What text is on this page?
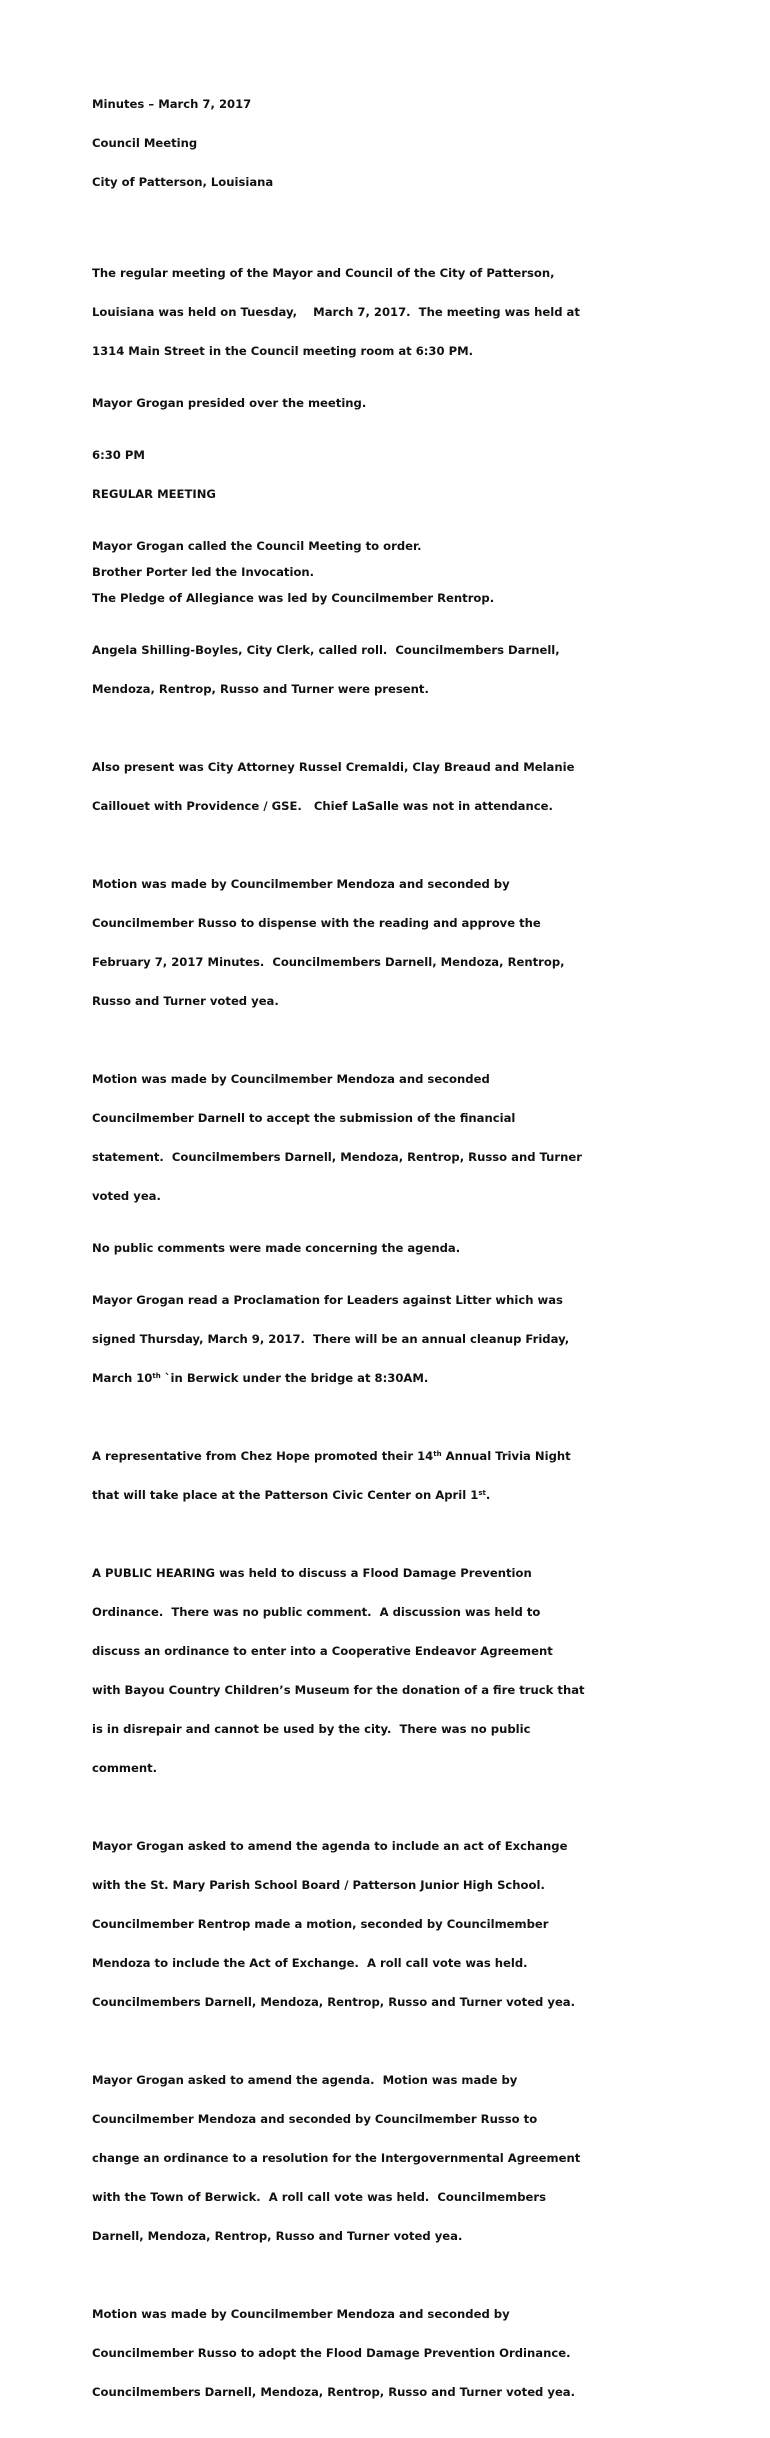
Minutes – March 7, 2017

Council Meeting

City of Patterson, Louisiana

The regular meeting of the Mayor and Council of the City of Patterson,

Louisiana was held on Tuesday,    March 7, 2017.  The meeting was held at

1314 Main Street in the Council meeting room at 6:30 PM.

Mayor Grogan presided over the meeting.

6:30 PM

REGULAR MEETING

Mayor Grogan called the Council Meeting to order.

Brother Porter led the Invocation.

The Pledge of Allegiance was led by Councilmember Rentrop.

Angela Shilling-Boyles, City Clerk, called roll.  Councilmembers Darnell,

Mendoza, Rentrop, Russo and Turner were present.

Also present was City Attorney Russel Cremaldi, Clay Breaud and Melanie

Caillouet with Providence / GSE.   Chief LaSalle was not in attendance.

Motion was made by Councilmember Mendoza and seconded by

Councilmember Russo to dispense with the reading and approve the

February 7, 2017 Minutes.  Councilmembers Darnell, Mendoza, Rentrop,

Russo and Turner voted yea.

Motion was made by Councilmember Mendoza and seconded

Councilmember Darnell to accept the submission of the financial

statement.  Councilmembers Darnell, Mendoza, Rentrop, Russo and Turner

voted yea.

No public comments were made concerning the agenda.

Mayor Grogan read a Proclamation for Leaders against Litter which was

signed Thursday, March 9, 2017.  There will be an annual cleanup Friday,

March 10th `in Berwick under the bridge at 8:30AM.

A representative from Chez Hope promoted their 14th Annual Trivia Night

that will take place at the Patterson Civic Center on April 1st.

A PUBLIC HEARING was held to discuss a Flood Damage Prevention

Ordinance.  There was no public comment.  A discussion was held to

discuss an ordinance to enter into a Cooperative Endeavor Agreement

with Bayou Country Children’s Museum for the donation of a fire truck that

is in disrepair and cannot be used by the city.  There was no public

comment.

Mayor Grogan asked to amend the agenda to include an act of Exchange

with the St. Mary Parish School Board / Patterson Junior High School.

Councilmember Rentrop made a motion, seconded by Councilmember

Mendoza to include the Act of Exchange.  A roll call vote was held.

Councilmembers Darnell, Mendoza, Rentrop, Russo and Turner voted yea.

Mayor Grogan asked to amend the agenda.  Motion was made by

Councilmember Mendoza and seconded by Councilmember Russo to

change an ordinance to a resolution for the Intergovernmental Agreement

with the Town of Berwick.  A roll call vote was held.  Councilmembers

Darnell, Mendoza, Rentrop, Russo and Turner voted yea.

Motion was made by Councilmember Mendoza and seconded by

Councilmember Russo to adopt the Flood Damage Prevention Ordinance.

Councilmembers Darnell, Mendoza, Rentrop, Russo and Turner voted yea.
